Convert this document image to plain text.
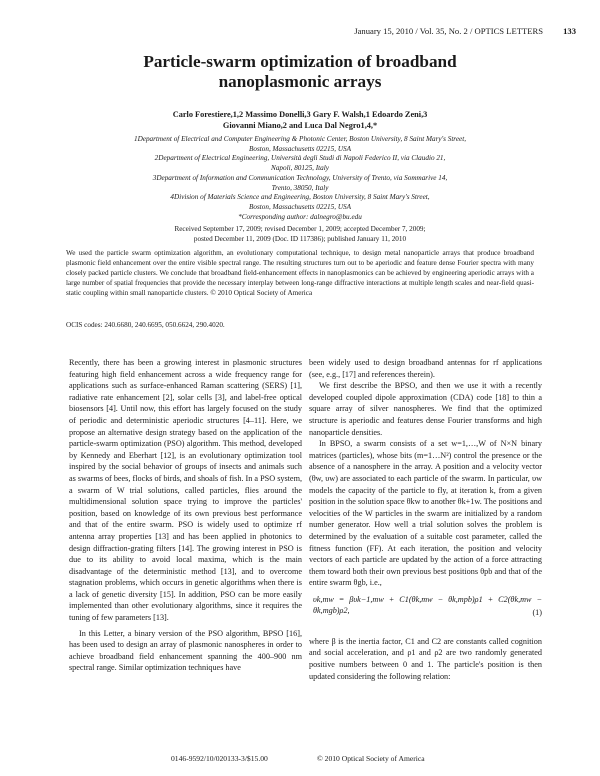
January 15, 2010 / Vol. 35, No. 2 / OPTICS LETTERS 133
Particle-swarm optimization of broadband
nanoplasmonic arrays
Carlo Forestiere,1,2 Massimo Donelli,3 Gary F. Walsh,1 Edoardo Zeni,3
Giovanni Miano,2 and Luca Dal Negro1,4,*
1Department of Electrical and Computer Engineering & Photonic Center, Boston University, 8 Saint Mary's Street,
Boston, Massachusetts 02215, USA
2Department of Electrical Engineering, Università degli Studi di Napoli Federico II, via Claudio 21,
Napoli, 80125, Italy
3Department of Information and Communication Technology, University of Trento, via Sommarive 14,
Trento, 38050, Italy
4Division of Materials Science and Engineering, Boston University, 8 Saint Mary's Street,
Boston, Massachusetts 02215, USA
*Corresponding author: dalnegro@bu.edu
Received September 17, 2009; revised December 1, 2009; accepted December 7, 2009;
posted December 11, 2009 (Doc. ID 117386); published January 11, 2010

We used the particle swarm optimization algorithm, an evolutionary computational technique, to design metal nanoparticle arrays that produce broadband plasmonic field enhancement over the entire visible spectral range. The resulting structures turn out to be aperiodic and feature dense Fourier spectra with many closely packed particle clusters. We conclude that broadband field-enhancement effects in nanoplasmonics can be achieved by engineering aperiodic arrays with a large number of spatial frequencies that provide the necessary interplay between long-range diffractive interactions at multiple length scales and near-field quasi-static coupling within small nanoparticle clusters. © 2010 Optical Society of America

OCIS codes: 240.6680, 240.6695, 050.6624, 290.4020.

Recently, there has been a growing interest in plasmonic structures featuring high field enhancement across a wide frequency range for applications such as surface-enhanced Raman scattering (SERS) [1], radiative rate enhancement [2], solar cells [3], and label-free optical biosensors [4]. Until now, this effort has largely focused on the study of periodic and deterministic aperiodic structures [4–11]. Here, we propose an alternative design strategy based on the application of the particle-swarm optimization (PSO) algorithm. This method, developed by Kennedy and Eberhart [12], is an evolutionary optimization tool inspired by the social behavior of groups of insects and animals such as swarms of bees, flocks of birds, and shoals of fish. In a PSO system, a swarm of W trial solutions, called particles, flies around the multidimensional solution space trying to improve the particles' position, based on knowledge of its own previous best performance and that of the entire swarm. PSO is widely used to optimize rf antenna array properties [13] and has been applied in photonics to design diffraction-grating filters [14]. The growing interest in PSO is due to its ability to avoid local maxima, which is the main disadvantage of the deterministic method [13], and to overcome stagnation problems, which occurs in genetic algorithms when there is a lack of genetic diversity [15]. In addition, PSO can be more easily implemented than other evolutionary algorithms, since it requires the tuning of few parameters [13].

In this Letter, a binary version of the PSO algorithm, BPSO [16], has been used to design an array of plasmonic nanospheres in order to achieve broadband field enhancement spanning the 400–900 nm spectral range. Similar optimization techniques have

been widely used to design broadband antennas for rf applications (see, e.g., [17] and references therein).

We first describe the BPSO, and then we use it with a recently developed coupled dipole approximation (CDA) code [18] to thin a square array of silver nanospheres. We find that the optimized structure is aperiodic and features dense Fourier transforms and high nanoparticle densities.

In BPSO, a swarm consists of a set w=1,…,W of N×N binary matrices (particles), whose bits (m=1…N²) control the presence or the absence of a nanosphere in the array. A position and a velocity vector (θw, υw) are associated to each particle of the swarm. In particular, υw models the capacity of the particle to fly, at iteration k, from a given position in the solution space θkw to another θk+1w. The positions and velocities of the W particles in the swarm are initialized by a random number generator. How well a trial solution solves the problem is determined by the evaluation of a suitable cost parameter, called the fitness function (FF). At each iteration, the position and velocity vectors of each particle are updated by the action of a force attracting them toward both their own previous best positions θpb and that of the entire swarm θgb, i.e.,

υk,mw = βυk−1,mw + C1(θk,mw − θk,mpb)ρ1 + C2(θk,mw − θk,mgb)ρ2,	(1)

where β is the inertia factor, C1 and C2 are constants called cognition and social acceleration, and ρ1 and ρ2 are two randomly generated positive numbers between 0 and 1. The particle's position is then updated considering the following relation:

0146-9592/10/020133-3/$15.00	© 2010 Optical Society of America
